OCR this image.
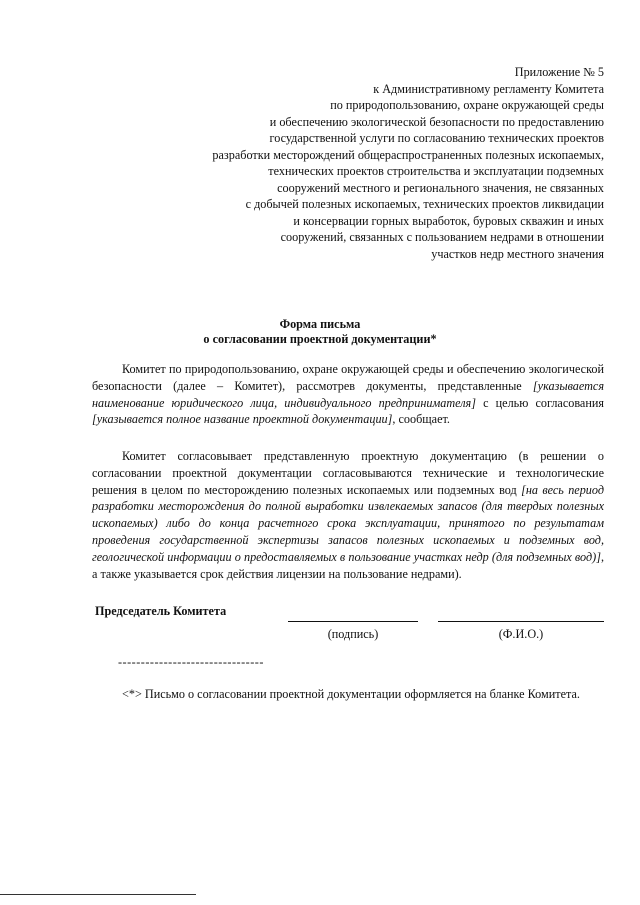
Приложение № 5
к Административному регламенту Комитета
по природопользованию, охране окружающей среды
и обеспечению экологической безопасности по предоставлению
государственной услуги по согласованию технических проектов
разработки месторождений общераспространенных полезных ископаемых,
технических проектов строительства и эксплуатации подземных
сооружений местного и регионального значения, не связанных
с добычей полезных ископаемых, технических проектов ликвидации
и консервации горных выработок, буровых скважин и иных
сооружений, связанных с пользованием недрами в отношении
участков недр местного значения
Форма письма
о согласовании проектной документации*

Комитет по природопользованию, охране окружающей среды и обеспечению экологической безопасности (далее – Комитет), рассмотрев документы, представленные [указывается наименование юридического лица, индивидуального предпринимателя] с целью согласования [указывается полное название проектной документации], сообщает.

Комитет согласовывает представленную проектную документацию (в решении о согласовании проектной документации согласовываются технические и технологические решения в целом по месторождению полезных ископаемых или подземных вод [на весь период разработки месторождения до полной выработки извлекаемых запасов (для твердых полезных ископаемых) либо до конца расчетного срока эксплуатации, принятого по результатам проведения государственной экспертизы запасов полезных ископаемых и подземных вод, геологической информации о предоставляемых в пользование участках недр (для подземных вод)], а также указывается срок действия лицензии на пользование недрами).

Председатель Комитета
(подпись)	(Ф.И.О.)
--------------------------------

<*> Письмо о согласовании проектной документации оформляется на бланке Комитета.
